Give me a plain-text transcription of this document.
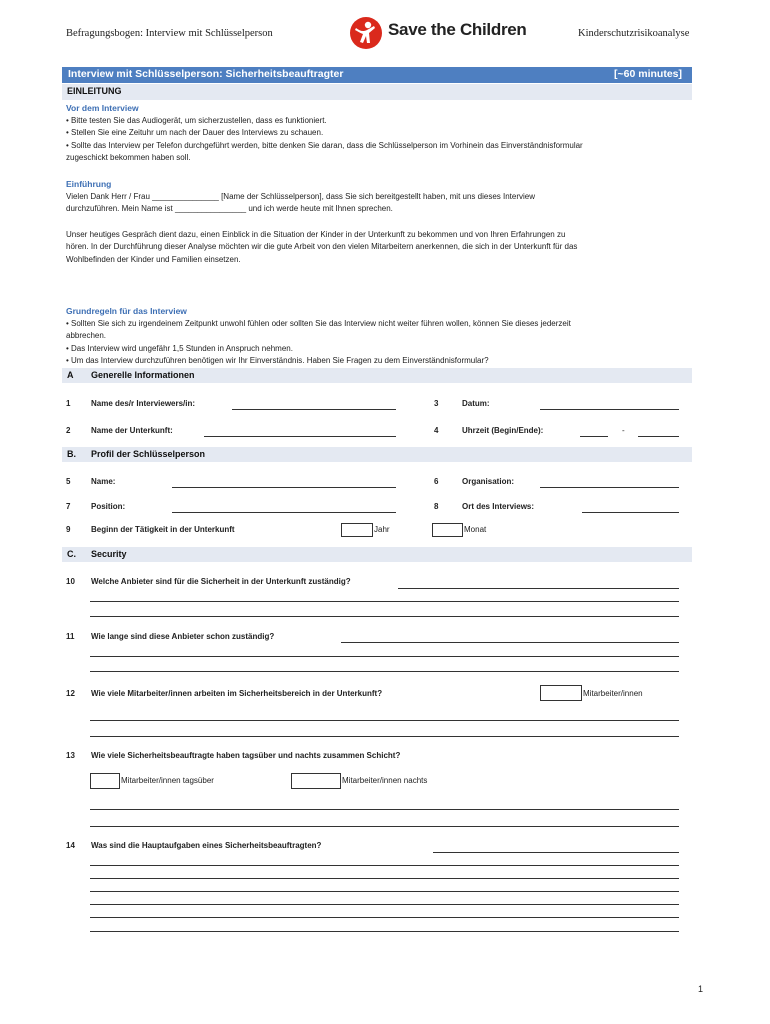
Befragungsbogen: Interview mit Schlüsselperson	Save the Children	Kinderschutzrisikoanalyse
Interview mit Schlüsselperson: Sicherheitsbeauftragter	[~60 minutes]
EINLEITUNG
Vor dem Interview
• Bitte testen Sie das Audiogerät, um sicherzustellen, dass es funktioniert.
• Stellen Sie eine Zeituhr um nach der Dauer des Interviews zu schauen.
• Sollte das Interview per Telefon durchgeführt werden, bitte denken Sie daran, dass die Schlüsselperson im Vorhinein das Einverständnisformular
zugeschickt bekommen haben soll.
Einführung
Vielen Dank Herr / Frau _______________ [Name der Schlüsselperson], dass Sie sich bereitgestellt haben, mit uns dieses Interview
durchzuführen. Mein Name ist ________________ und ich werde heute mit Ihnen sprechen.
Unser heutiges Gespräch dient dazu, einen Einblick in die Situation der Kinder in der Unterkunft zu bekommen und von Ihren Erfahrungen zu
hören. In der Durchführung dieser Analyse möchten wir die gute Arbeit von den vielen Mitarbeitern anerkennen, die sich in der Unterkunft für das
Wohlbefinden der Kinder und Familien einsetzen.
Grundregeln für das Interview
• Sollten Sie sich zu irgendeinem Zeitpunkt unwohl fühlen oder sollten Sie das Interview nicht weiter führen wollen, können Sie dieses jederzeit
abbrechen.
• Das Interview wird ungefähr 1,5 Stunden in Anspruch nehmen.
• Um das Interview durchzuführen benötigen wir Ihr Einverständnis. Haben Sie Fragen zu dem Einverständnisformular?
A Generelle Informationen
1	Name des/r Interviewers/in:	3	Datum:
2	Name der Unterkunft:	4	Uhrzeit (Begin/Ende):	-
B. Profil der Schlüsselperson
5	Name:	6	Organisation:
7	Position:	8	Ort des Interviews:
9	Beginn der Tätigkeit in der Unterkunft	Jahr	Monat
C. Security
10 Welche Anbieter sind für die Sicherheit in der Unterkunft zuständig?
11 Wie lange sind diese Anbieter schon zuständig?
12 Wie viele Mitarbeiter/innen arbeiten im Sicherheitsbereich in der Unterkunft?	Mitarbeiter/innen
13 Wie viele Sicherheitsbeauftragte haben tagsüber und nachts zusammen Schicht?
Mitarbeiter/innen tagsüber	Mitarbeiter/innen nachts
14 Was sind die Hauptaufgaben eines Sicherheitsbeauftragten?
1
